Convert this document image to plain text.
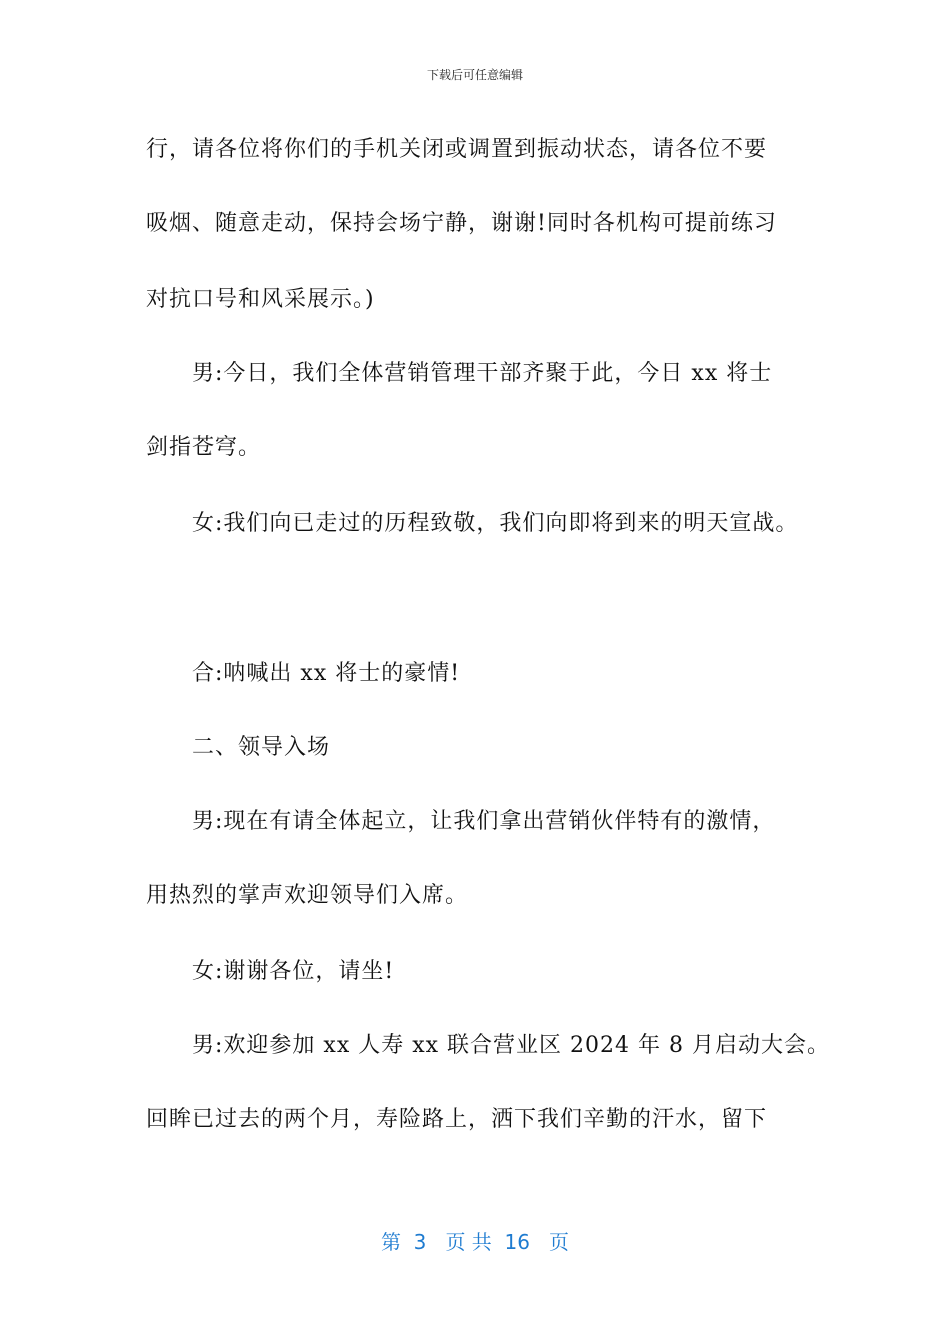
下载后可任意编辑
行，请各位将你们的手机关闭或调置到振动状态，请各位不要
吸烟、随意走动，保持会场宁静，谢谢!同时各机构可提前练习
对抗口号和风采展示。)
男:今日，我们全体营销管理干部齐聚于此，今日 xx 将士
剑指苍穹。
女:我们向已走过的历程致敬，我们向即将到来的明天宣战。
合:呐喊出 xx 将士的豪情!
二、领导入场
男:现在有请全体起立，让我们拿出营销伙伴特有的激情，
用热烈的掌声欢迎领导们入席。
女:谢谢各位，请坐!
男:欢迎参加 xx 人寿 xx 联合营业区 2024 年 8 月启动大会。
回眸已过去的两个月，寿险路上，洒下我们辛勤的汗水，留下
第  3   页 共  16   页
